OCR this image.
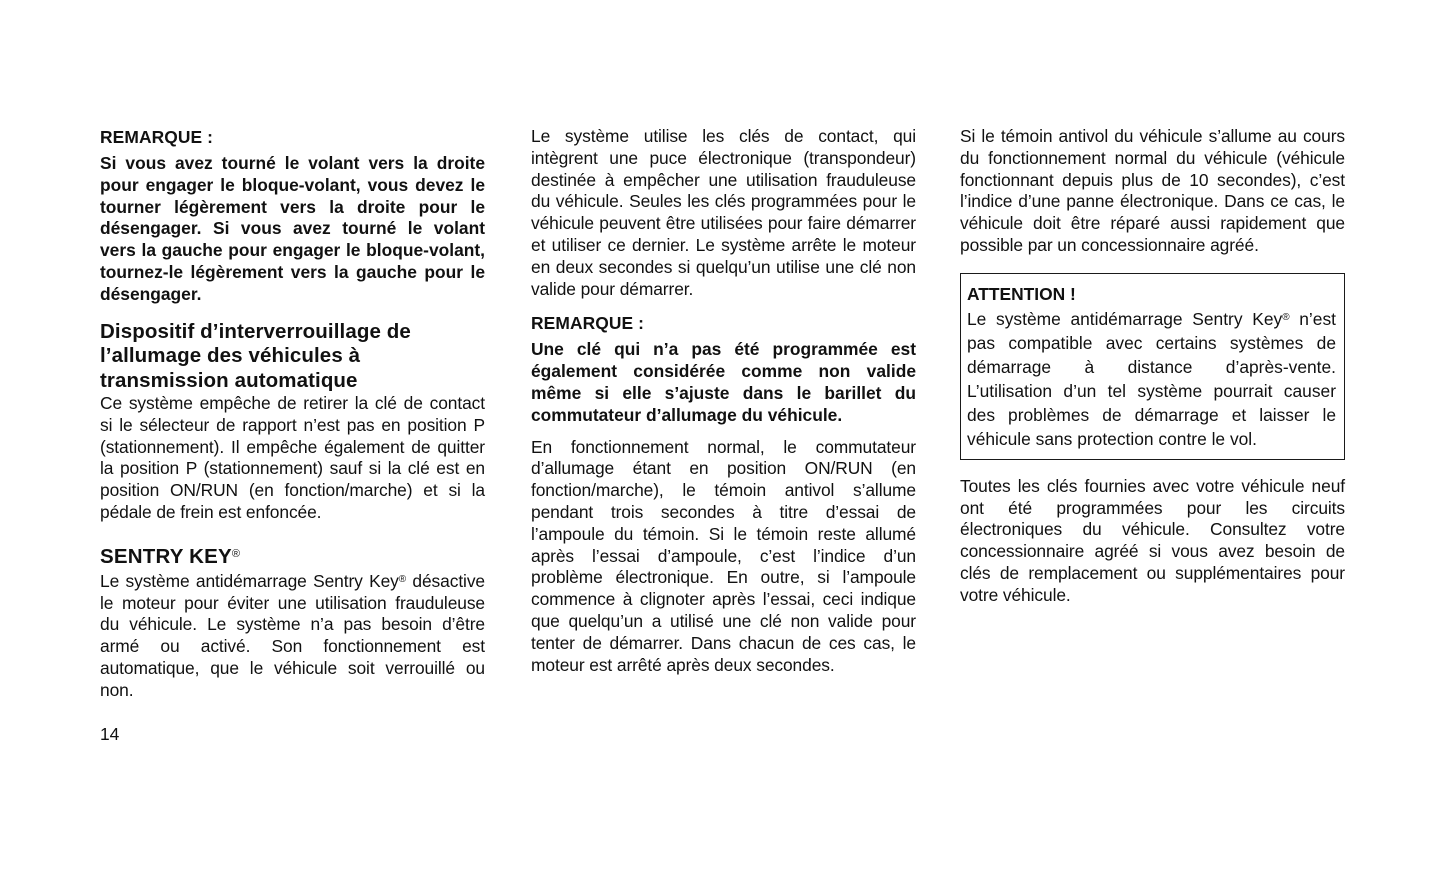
REMARQUE :
Si vous avez tourné le volant vers la droite pour engager le bloque-volant, vous devez le tourner légèrement vers la droite pour le désengager. Si vous avez tourné le volant vers la gauche pour engager le bloque-volant, tournez-le légèrement vers la gauche pour le désengager.
Dispositif d’interverrouillage de l’allumage des véhicules à transmission automatique
Ce système empêche de retirer la clé de contact si le sélecteur de rapport n’est pas en position P (stationnement). Il empêche également de quitter la position P (stationnement) sauf si la clé est en position ON/RUN (en fonction/marche) et si la pédale de frein est enfoncée.
SENTRY KEY®
Le système antidémarrage Sentry Key® désactive le moteur pour éviter une utilisation frauduleuse du véhicule. Le système n’a pas besoin d’être armé ou activé. Son fonctionnement est automatique, que le véhicule soit verrouillé ou non.
Le système utilise les clés de contact, qui intègrent une puce électronique (transpondeur) destinée à empêcher une utilisation frauduleuse du véhicule. Seules les clés programmées pour le véhicule peuvent être utilisées pour faire démarrer et utiliser ce dernier. Le système arrête le moteur en deux secondes si quelqu’un utilise une clé non valide pour démarrer.
REMARQUE :
Une clé qui n’a pas été programmée est également considérée comme non valide même si elle s’ajuste dans le barillet du commutateur d’allumage du véhicule.
En fonctionnement normal, le commutateur d’allumage étant en position ON/RUN (en fonction/marche), le témoin antivol s’allume pendant trois secondes à titre d’essai de l’ampoule du témoin. Si le témoin reste allumé après l’essai d’ampoule, c’est l’indice d’un problème électronique. En outre, si l’ampoule commence à clignoter après l’essai, ceci indique que quelqu’un a utilisé une clé non valide pour tenter de démarrer. Dans chacun de ces cas, le moteur est arrêté après deux secondes.
Si le témoin antivol du véhicule s’allume au cours du fonctionnement normal du véhicule (véhicule fonctionnant depuis plus de 10 secondes), c’est l’indice d’une panne électronique. Dans ce cas, le véhicule doit être réparé aussi rapidement que possible par un concessionnaire agréé.
ATTENTION !
Le système antidémarrage Sentry Key® n’est pas compatible avec certains systèmes de démarrage à distance d’après-vente. L’utilisation d’un tel système pourrait causer des problèmes de démarrage et laisser le véhicule sans protection contre le vol.
Toutes les clés fournies avec votre véhicule neuf ont été programmées pour les circuits électroniques du véhicule. Consultez votre concessionnaire agréé si vous avez besoin de clés de remplacement ou supplémentaires pour votre véhicule.
14
